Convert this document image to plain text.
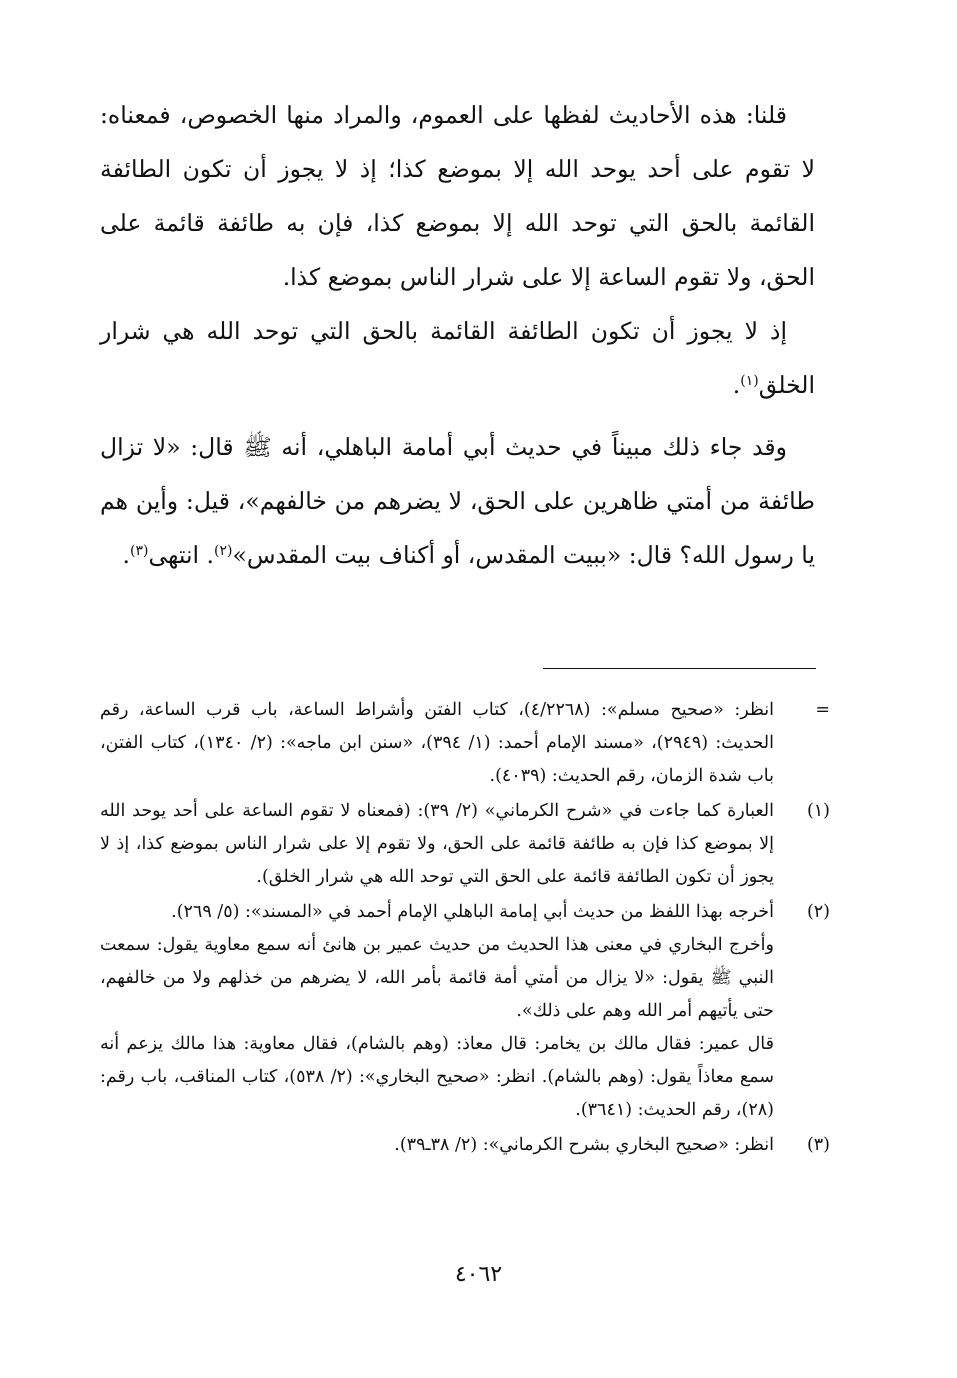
قلنا: هذه الأحاديث لفظها على العموم، والمراد منها الخصوص، فمعناه: لا تقوم على أحد يوحد الله إلا بموضع كذا؛ إذ لا يجوز أن تكون الطائفة القائمة بالحق التي توحد الله إلا بموضع كذا، فإن به طائفة قائمة على الحق، ولا تقوم الساعة إلا على شرار الناس بموضع كذا.

إذ لا يجوز أن تكون الطائفة القائمة بالحق التي توحد الله هي شرار الخلق$^{(١)}$.

وقد جاء ذلك مبيناً في حديث أبي أمامة الباهلي، أنه ﷺ قال: «لا تزال طائفة من أمتي ظاهرين على الحق، لا يضرهم من خالفهم»، قيل: وأين هم يا رسول الله؟ قال: «ببيت المقدس، أو أكناف بيت المقدس»$^{(٢)}$. انتهى$^{(٣)}$.

=

انظر: «صحيح مسلم»: (٤/٢٢٦٨)، كتاب الفتن وأشراط الساعة، باب قرب الساعة، رقم الحديث: (٢٩٤٩)، «مسند الإمام أحمد: (١/ ٣٩٤)، «سنن ابن ماجه»: (٢/ ١٣٤٠)، كتاب الفتن، باب شدة الزمان، رقم الحديث: (٤٠٣٩).

(١)

العبارة كما جاءت في «شرح الكرماني» (٢/ ٣٩): (فمعناه لا تقوم الساعة على أحد يوحد الله إلا بموضع كذا فإن به طائفة قائمة على الحق، ولا تقوم إلا على شرار الناس بموضع كذا، إذ لا يجوز أن تكون الطائفة قائمة على الحق التي توحد الله هي شرار الخلق).

(٢)

أخرجه بهذا اللفظ من حديث أبي إمامة الباهلي الإمام أحمد في «المسند»: (٥/ ٢٦٩).

وأخرج البخاري في معنى هذا الحديث من حديث عمير بن هانئ أنه سمع معاوية يقول: سمعت النبي ﷺ يقول: «لا يزال من أمتي أمة قائمة بأمر الله، لا يضرهم من خذلهم ولا من خالفهم، حتى يأتيهم أمر الله وهم على ذلك».

قال عمير: فقال مالك بن يخامر: قال معاذ: (وهم بالشام)، فقال معاوية: هذا مالك يزعم أنه سمع معاذاً يقول: (وهم بالشام). انظر: «صحيح البخاري»: (٢/ ٥٣٨)، كتاب المناقب، باب رقم: (٢٨)، رقم الحديث: (٣٦٤١).

(٣)

انظر: «صحيح البخاري بشرح الكرماني»: (٢/ ٣٨ـ٣٩).

٤٠٦٢
